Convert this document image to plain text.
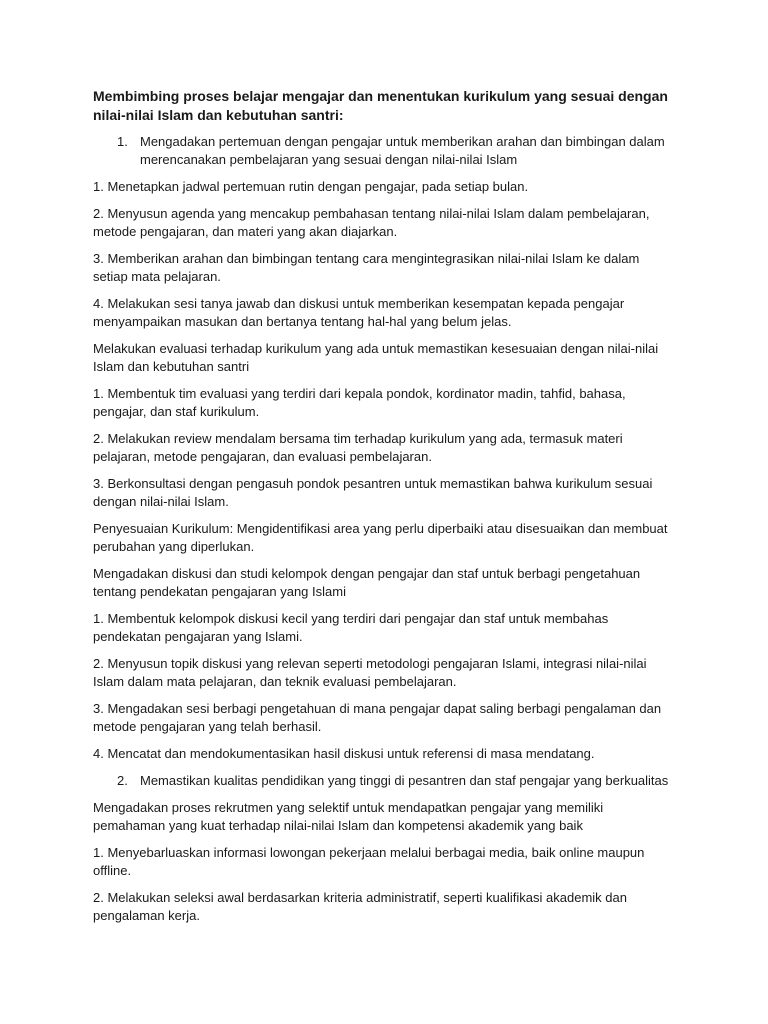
Membimbing proses belajar mengajar dan menentukan kurikulum yang sesuai dengan nilai-nilai Islam dan kebutuhan santri:
1. Mengadakan pertemuan dengan pengajar untuk memberikan arahan dan bimbingan dalam merencanakan pembelajaran yang sesuai dengan nilai-nilai Islam
1. Menetapkan jadwal pertemuan rutin dengan pengajar, pada setiap bulan.
2. Menyusun agenda yang mencakup pembahasan tentang nilai-nilai Islam dalam pembelajaran, metode pengajaran, dan materi yang akan diajarkan.
3. Memberikan arahan dan bimbingan tentang cara mengintegrasikan nilai-nilai Islam ke dalam setiap mata pelajaran.
4. Melakukan sesi tanya jawab dan diskusi untuk memberikan kesempatan kepada pengajar menyampaikan masukan dan bertanya tentang hal-hal yang belum jelas.
Melakukan evaluasi terhadap kurikulum yang ada untuk memastikan kesesuaian dengan nilai-nilai Islam dan kebutuhan santri
1. Membentuk tim evaluasi yang terdiri dari kepala pondok, kordinator madin, tahfid, bahasa, pengajar, dan staf kurikulum.
2. Melakukan review mendalam bersama tim terhadap kurikulum yang ada, termasuk materi pelajaran, metode pengajaran, dan evaluasi pembelajaran.
3. Berkonsultasi dengan pengasuh pondok pesantren untuk memastikan bahwa kurikulum sesuai dengan nilai-nilai Islam.
Penyesuaian Kurikulum: Mengidentifikasi area yang perlu diperbaiki atau disesuaikan dan membuat perubahan yang diperlukan.
Mengadakan diskusi dan studi kelompok dengan pengajar dan staf untuk berbagi pengetahuan tentang pendekatan pengajaran yang Islami
1. Membentuk kelompok diskusi kecil yang terdiri dari pengajar dan staf untuk membahas pendekatan pengajaran yang Islami.
2. Menyusun topik diskusi yang relevan seperti metodologi pengajaran Islami, integrasi nilai-nilai Islam dalam mata pelajaran, dan teknik evaluasi pembelajaran.
3. Mengadakan sesi berbagi pengetahuan di mana pengajar dapat saling berbagi pengalaman dan metode pengajaran yang telah berhasil.
4. Mencatat dan mendokumentasikan hasil diskusi untuk referensi di masa mendatang.
2. Memastikan kualitas pendidikan yang tinggi di pesantren dan staf pengajar yang berkualitas
Mengadakan proses rekrutmen yang selektif untuk mendapatkan pengajar yang memiliki pemahaman yang kuat terhadap nilai-nilai Islam dan kompetensi akademik yang baik
1. Menyebarluaskan informasi lowongan pekerjaan melalui berbagai media, baik online maupun offline.
2. Melakukan seleksi awal berdasarkan kriteria administratif, seperti kualifikasi akademik dan pengalaman kerja.
